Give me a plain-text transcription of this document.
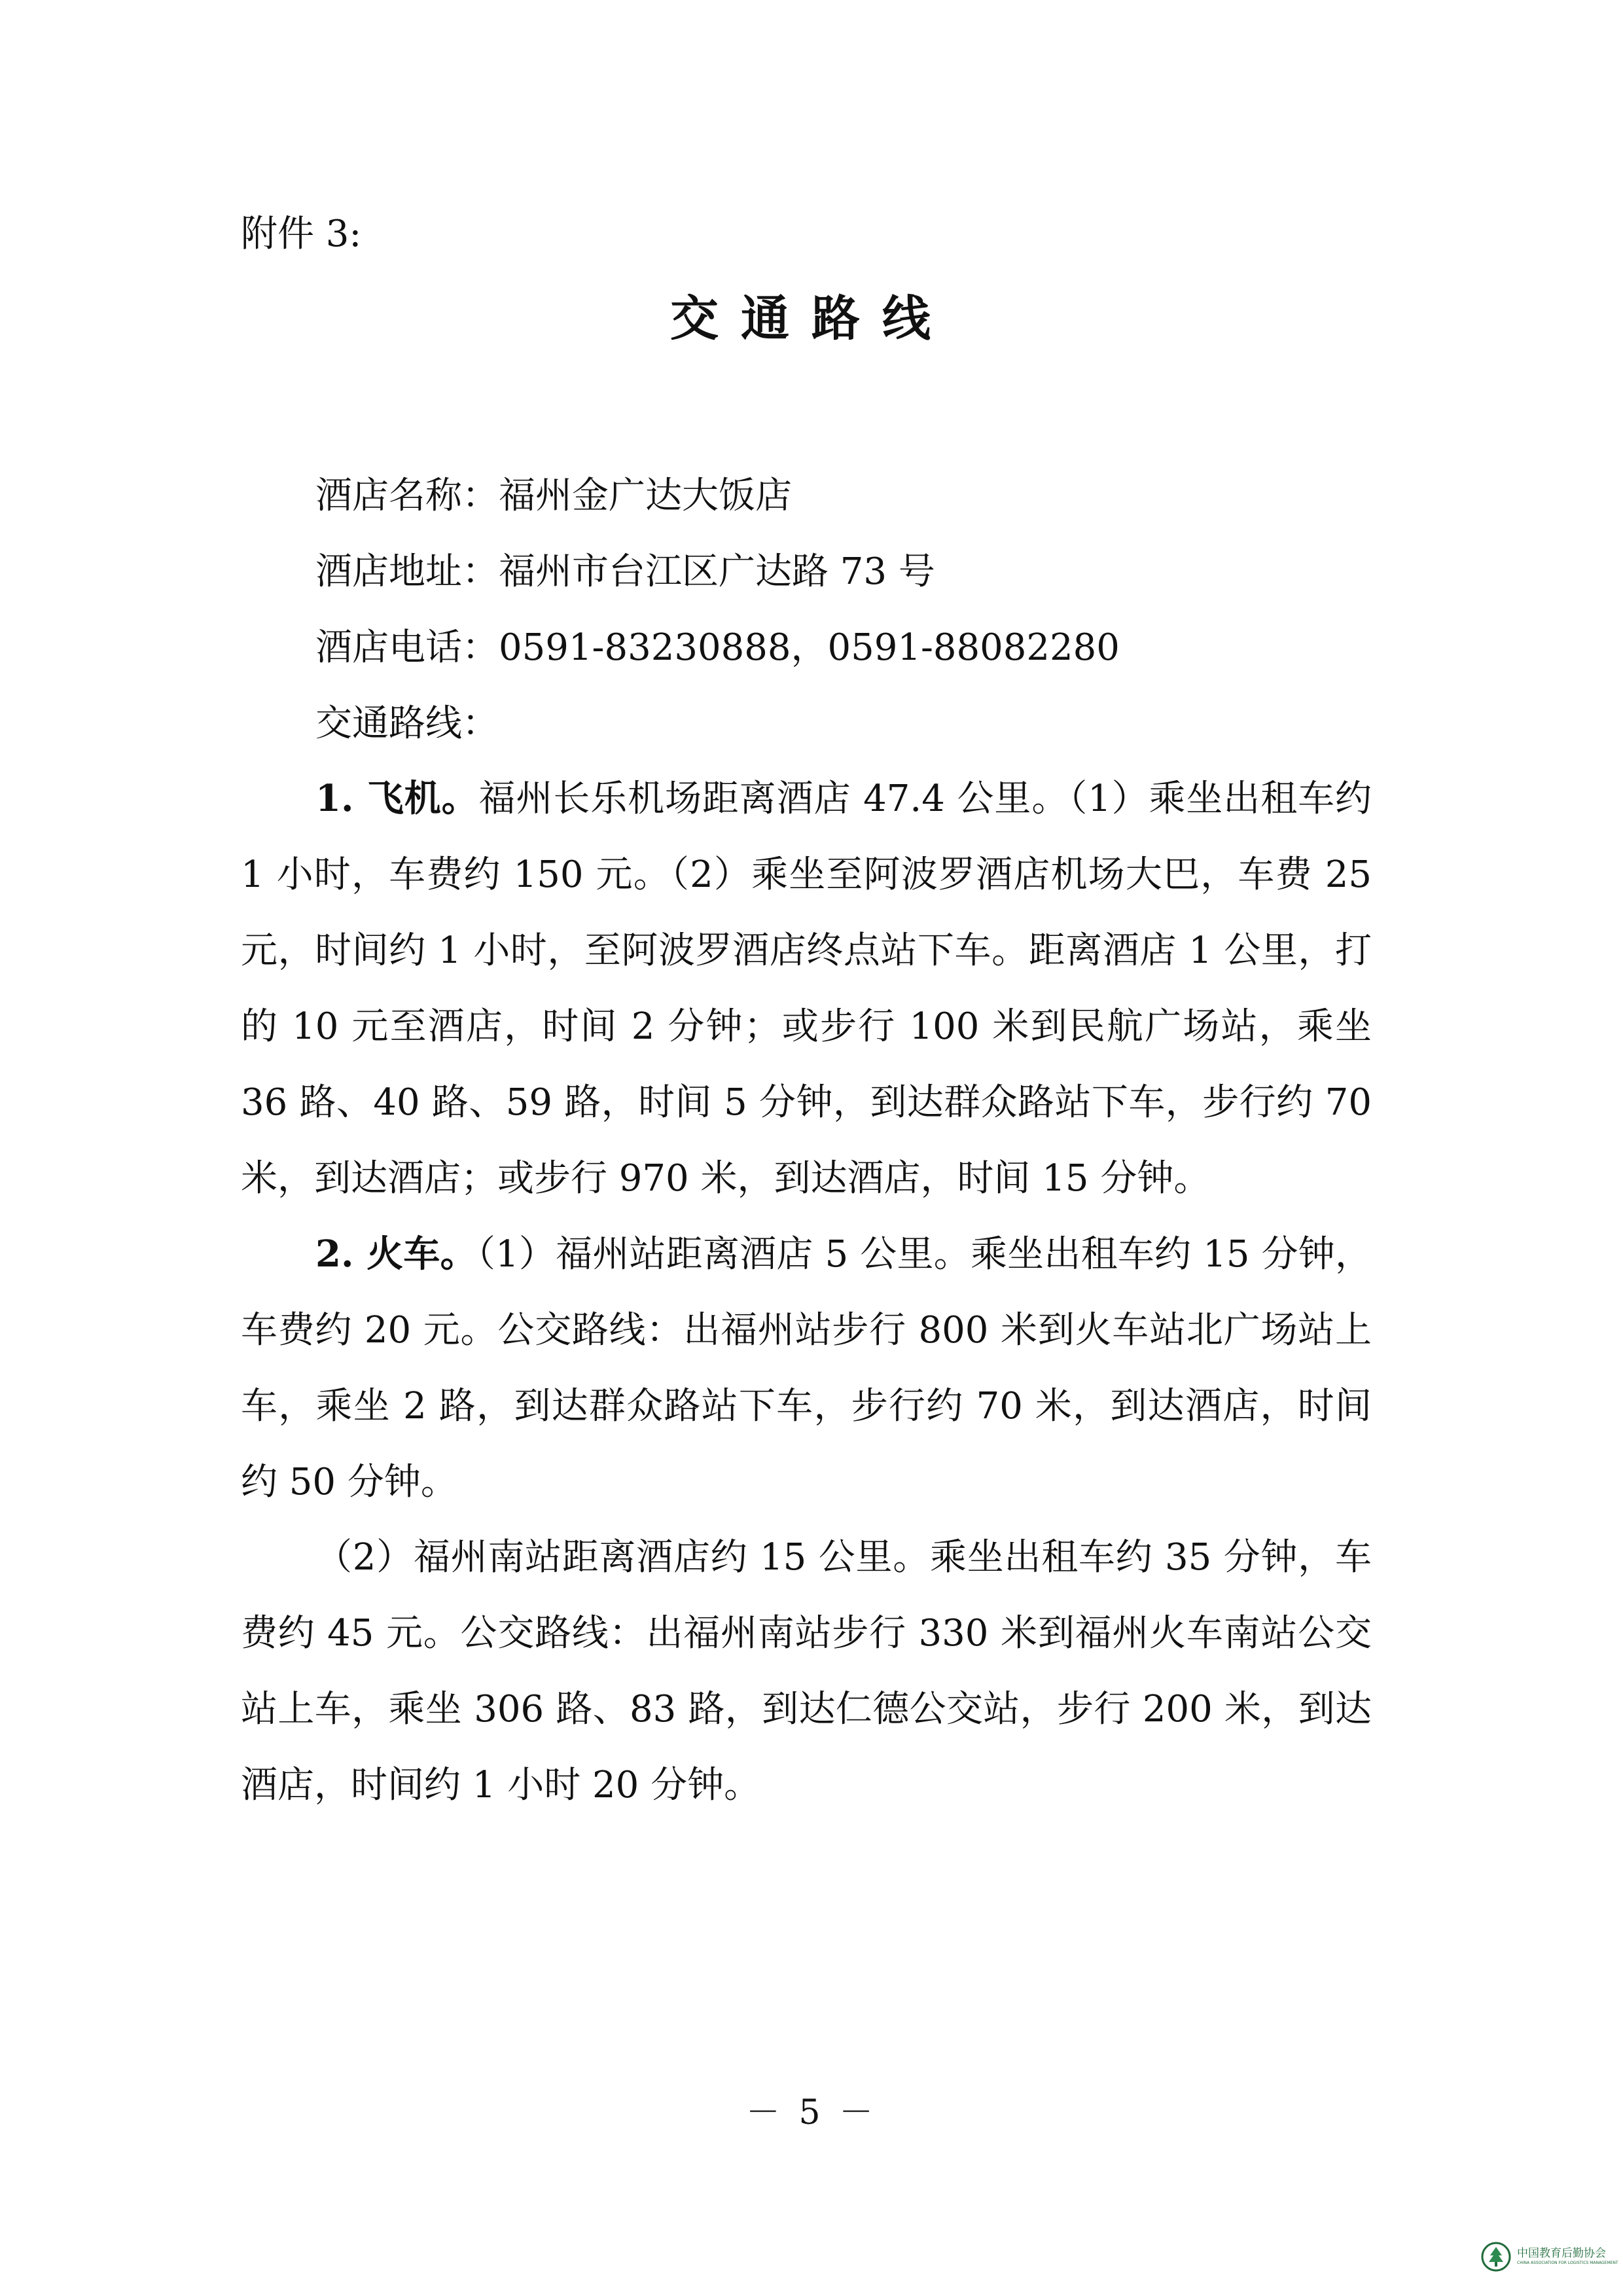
附件 3:
交通路线
酒店名称：福州金广达大饭店
酒店地址：福州市台江区广达路 73 号
酒店电话：0591-83230888，0591-88082280
交通路线：

1. 飞机。福州长乐机场距离酒店 47.4 公里。（1）乘坐出租车约 1 小时，车费约 150 元。（2）乘坐至阿波罗酒店机场大巴，车费 25 元，时间约 1 小时，至阿波罗酒店终点站下车。距离酒店 1 公里，打的 10 元至酒店，时间 2 分钟；或步行 100 米到民航广场站，乘坐 36 路、40 路、59 路，时间 5 分钟，到达群众路站下车，步行约 70 米，到达酒店；或步行 970 米，到达酒店，时间 15 分钟。

2. 火车。（1）福州站距离酒店 5 公里。乘坐出租车约 15 分钟，车费约 20 元。公交路线：出福州站步行 800 米到火车站北广场站上车，乘坐 2 路，到达群众路站下车，步行约 70 米，到达酒店，时间约 50 分钟。

（2）福州南站距离酒店约 15 公里。乘坐出租车约 35 分钟，车费约 45 元。公交路线：出福州南站步行 330 米到福州火车南站公交站上车，乘坐 306 路、83 路，到达仁德公交站，步行 200 米，到达酒店，时间约 1 小时 20 分钟。

－ 5 －
中国教育后勤协会
CHINA ASSOCIATION FOR LOGISTICS MANAGEMENT
